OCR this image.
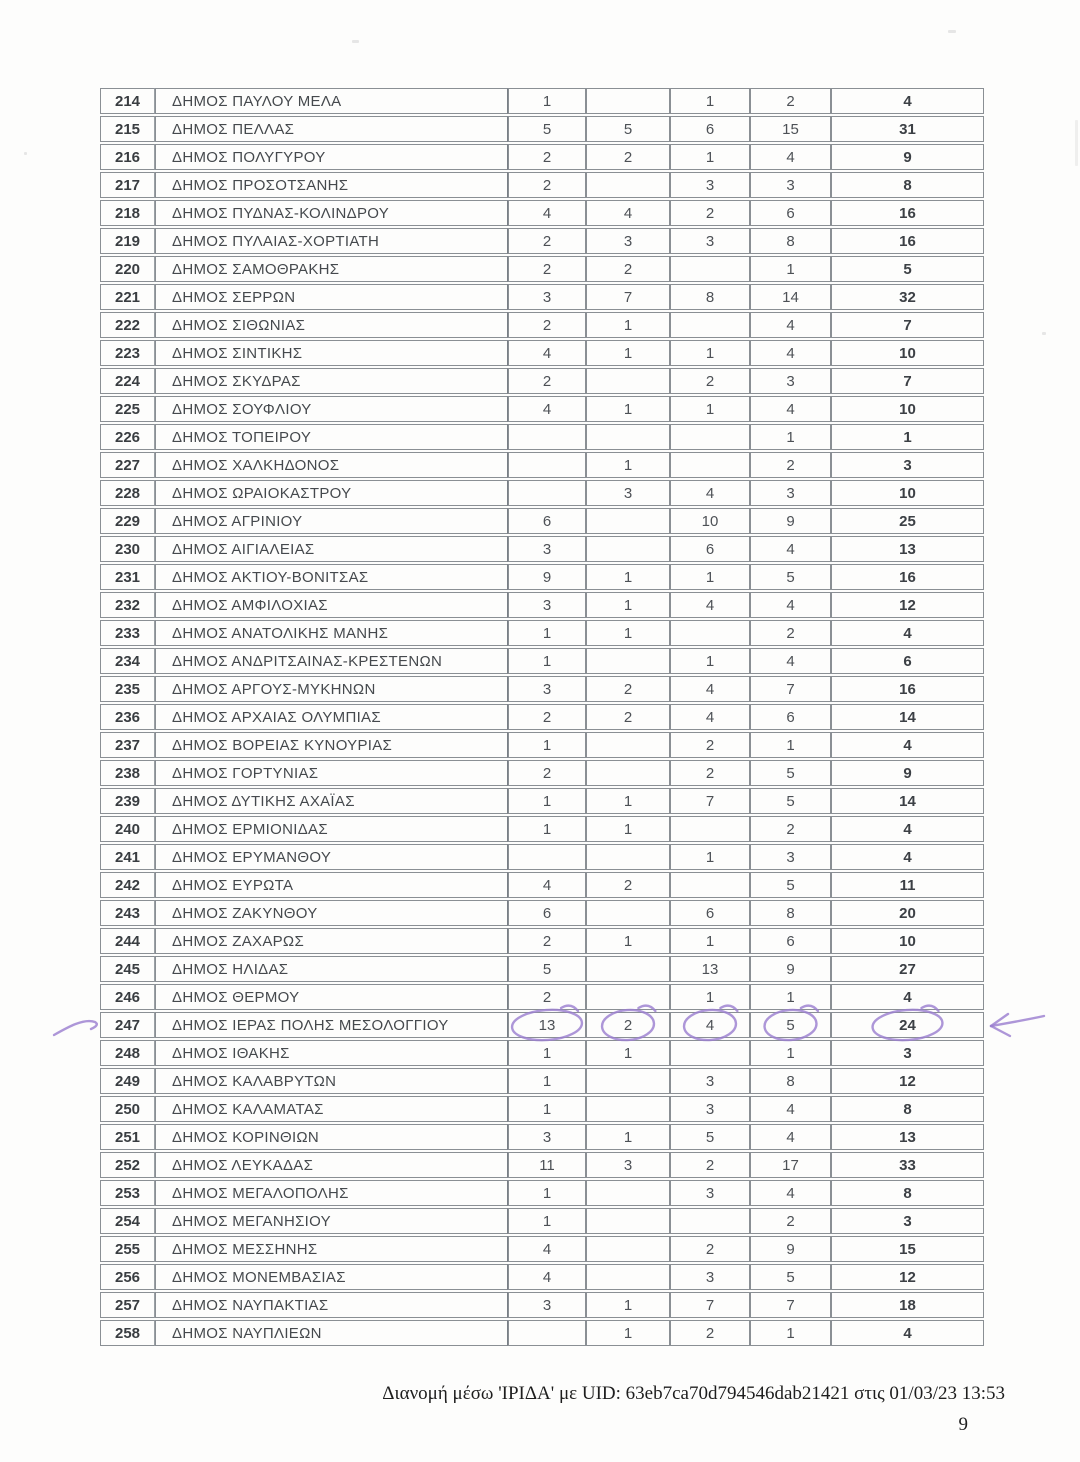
214	ΔΗΜΟΣ ΠΑΥΛΟΥ ΜΕΛΑ	1		1	2	4
215	ΔΗΜΟΣ ΠΕΛΛΑΣ	5	5	6	15	31
216	ΔΗΜΟΣ ΠΟΛΥΓΥΡΟΥ	2	2	1	4	9
217	ΔΗΜΟΣ ΠΡΟΣΟΤΣΑΝΗΣ	2		3	3	8
218	ΔΗΜΟΣ ΠΥΔΝΑΣ-ΚΟΛΙΝΔΡΟΥ	4	4	2	6	16
219	ΔΗΜΟΣ ΠΥΛΑΙΑΣ-ΧΟΡΤΙΑΤΗ	2	3	3	8	16
220	ΔΗΜΟΣ ΣΑΜΟΘΡΑΚΗΣ	2	2		1	5
221	ΔΗΜΟΣ ΣΕΡΡΩΝ	3	7	8	14	32
222	ΔΗΜΟΣ ΣΙΘΩΝΙΑΣ	2	1		4	7
223	ΔΗΜΟΣ ΣΙΝΤΙΚΗΣ	4	1	1	4	10
224	ΔΗΜΟΣ ΣΚΥΔΡΑΣ	2		2	3	7
225	ΔΗΜΟΣ ΣΟΥΦΛΙΟΥ	4	1	1	4	10
226	ΔΗΜΟΣ ΤΟΠΕΙΡΟΥ				1	1
227	ΔΗΜΟΣ ΧΑΛΚΗΔΟΝΟΣ		1		2	3
228	ΔΗΜΟΣ ΩΡΑΙΟΚΑΣΤΡΟΥ		3	4	3	10
229	ΔΗΜΟΣ ΑΓΡΙΝΙΟΥ	6		10	9	25
230	ΔΗΜΟΣ ΑΙΓΙΑΛΕΙΑΣ	3		6	4	13
231	ΔΗΜΟΣ ΑΚΤΙΟΥ-ΒΟΝΙΤΣΑΣ	9	1	1	5	16
232	ΔΗΜΟΣ ΑΜΦΙΛΟΧΙΑΣ	3	1	4	4	12
233	ΔΗΜΟΣ ΑΝΑΤΟΛΙΚΗΣ ΜΑΝΗΣ	1	1		2	4
234	ΔΗΜΟΣ ΑΝΔΡΙΤΣΑΙΝΑΣ-ΚΡΕΣΤΕΝΩΝ	1		1	4	6
235	ΔΗΜΟΣ ΑΡΓΟΥΣ-ΜΥΚΗΝΩΝ	3	2	4	7	16
236	ΔΗΜΟΣ ΑΡΧΑΙΑΣ ΟΛΥΜΠΙΑΣ	2	2	4	6	14
237	ΔΗΜΟΣ ΒΟΡΕΙΑΣ ΚΥΝΟΥΡΙΑΣ	1		2	1	4
238	ΔΗΜΟΣ ΓΟΡΤΥΝΙΑΣ	2		2	5	9
239	ΔΗΜΟΣ ΔΥΤΙΚΗΣ ΑΧΑΪΑΣ	1	1	7	5	14
240	ΔΗΜΟΣ ΕΡΜΙΟΝΙΔΑΣ	1	1		2	4
241	ΔΗΜΟΣ ΕΡΥΜΑΝΘΟΥ			1	3	4
242	ΔΗΜΟΣ ΕΥΡΩΤΑ	4	2		5	11
243	ΔΗΜΟΣ ΖΑΚΥΝΘΟΥ	6		6	8	20
244	ΔΗΜΟΣ ΖΑΧΑΡΩΣ	2	1	1	6	10
245	ΔΗΜΟΣ ΗΛΙΔΑΣ	5		13	9	27
246	ΔΗΜΟΣ ΘΕΡΜΟΥ	2		1	1	4
247	ΔΗΜΟΣ ΙΕΡΑΣ ΠΟΛΗΣ ΜΕΣΟΛΟΓΓΙΟΥ	13	2	4	5	24
248	ΔΗΜΟΣ ΙΘΑΚΗΣ	1	1		1	3
249	ΔΗΜΟΣ ΚΑΛΑΒΡΥΤΩΝ	1		3	8	12
250	ΔΗΜΟΣ ΚΑΛΑΜΑΤΑΣ	1		3	4	8
251	ΔΗΜΟΣ ΚΟΡΙΝΘΙΩΝ	3	1	5	4	13
252	ΔΗΜΟΣ ΛΕΥΚΑΔΑΣ	11	3	2	17	33
253	ΔΗΜΟΣ ΜΕΓΑΛΟΠΟΛΗΣ	1		3	4	8
254	ΔΗΜΟΣ ΜΕΓΑΝΗΣΙΟΥ	1			2	3
255	ΔΗΜΟΣ ΜΕΣΣΗΝΗΣ	4		2	9	15
256	ΔΗΜΟΣ ΜΟΝΕΜΒΑΣΙΑΣ	4		3	5	12
257	ΔΗΜΟΣ ΝΑΥΠΑΚΤΙΑΣ	3	1	7	7	18
258	ΔΗΜΟΣ ΝΑΥΠΛΙΕΩΝ		1	2	1	4
Διανομή μέσω 'ΙΡΙΔΑ' με UID: 63eb7ca70d794546dab21421 στις 01/03/23 13:53
9
